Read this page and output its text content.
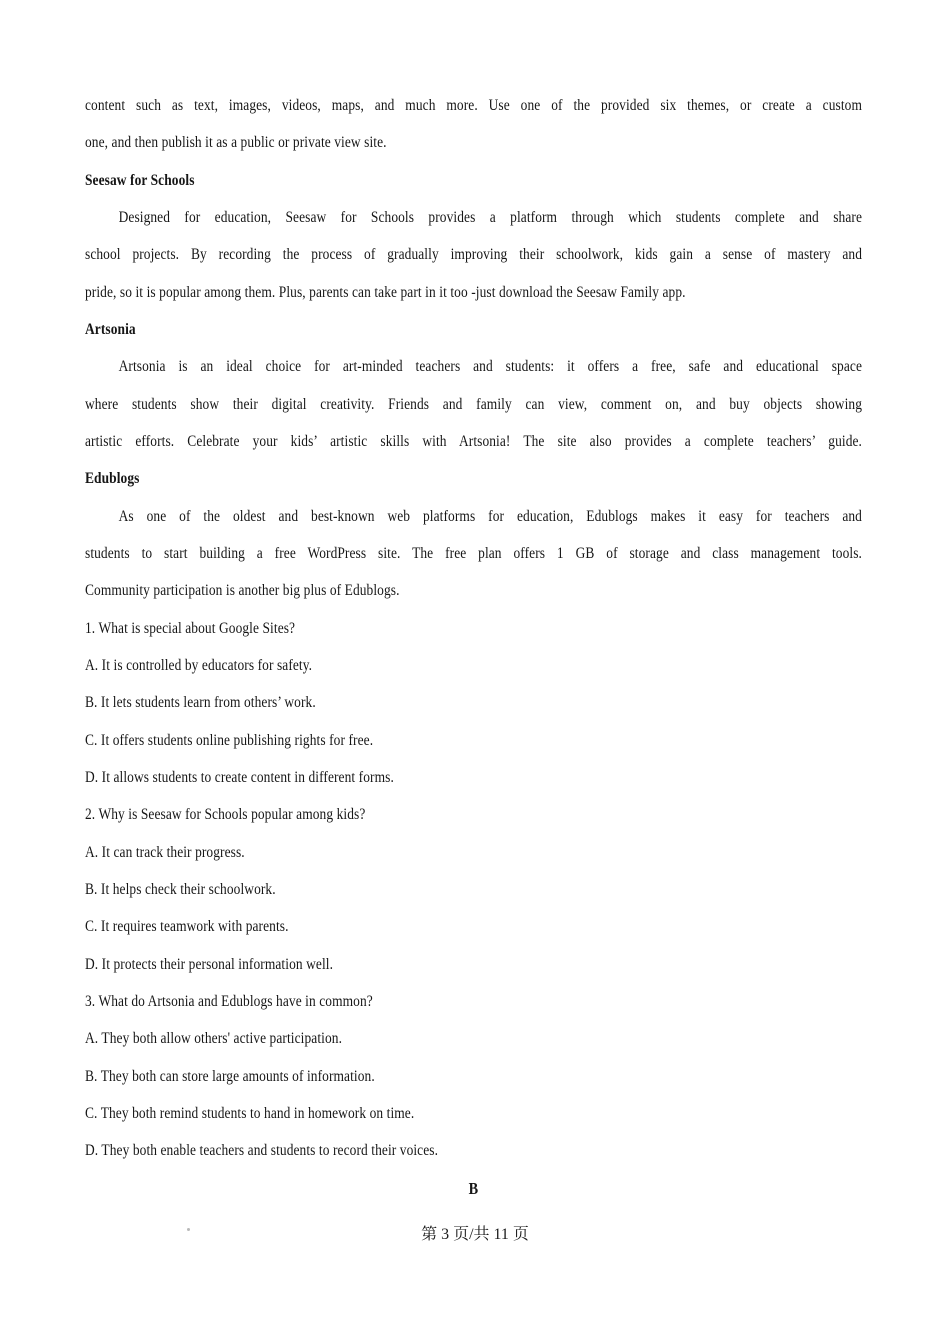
content such as text, images, videos, maps, and much more. Use one of the provided six themes, or create a custom
one, and then publish it as a public or private view site.
Seesaw for Schools
Designed for education, Seesaw for Schools provides a platform through which students complete and share
school projects. By recording the process of gradually improving their schoolwork, kids gain a sense of mastery and
pride, so it is popular among them. Plus, parents can take part in it too -just download the Seesaw Family app.
Artsonia
Artsonia is an ideal choice for art-minded teachers and students: it offers a free, safe and educational space
where students show their digital creativity. Friends and family can view, comment on, and buy objects showing
artistic efforts. Celebrate your kids’ artistic skills with Artsonia! The site also provides a complete teachers’ guide.
Edublogs
As one of the oldest and best-known web platforms for education, Edublogs makes it easy for teachers and
students to start building a free WordPress site. The free plan offers 1 GB of storage and class management tools.
Community participation is another big plus of Edublogs.
1. What is special about Google Sites?
A. It is controlled by educators for safety.
B. It lets students learn from others’ work.
C. It offers students online publishing rights for free.
D. It allows students to create content in different forms.
2. Why is Seesaw for Schools popular among kids?
A. It can track their progress.
B. It helps check their schoolwork.
C. It requires teamwork with parents.
D. It protects their personal information well.
3. What do Artsonia and Edublogs have in common?
A. They both allow others' active participation.
B. They both can store large amounts of information.
C. They both remind students to hand in homework on time.
D. They both enable teachers and students to record their voices.
B
第 3 页/共 11 页
